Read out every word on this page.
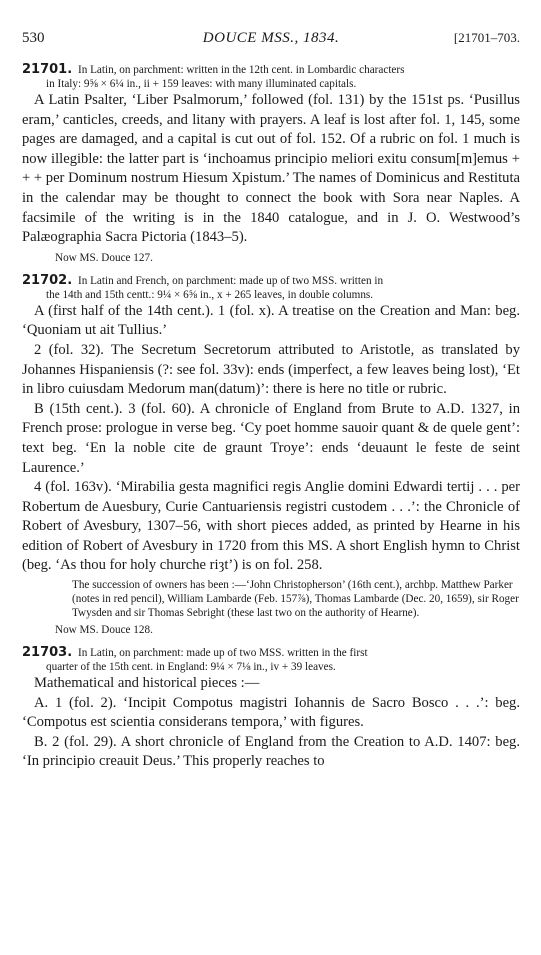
530	DOUCE MSS., 1834.	[21701–703.
21701. In Latin, on parchment: written in the 12th cent. in Lombardic characters
in Italy: 9⅝ × 6¼ in., ii + 159 leaves: with many illuminated capitals.

A Latin Psalter, ‘Liber Psalmorum,’ followed (fol. 131) by the 151st ps. ‘Pusillus eram,’ canticles, creeds, and litany with prayers. A leaf is lost after fol. 1, 145, some pages are damaged, and a capital is cut out of fol. 152. Of a rubric on fol. 1 much is now illegible: the latter part is ‘inchoamus principio meliori exitu consum[m]emus + + + per Dominum nostrum Hiesum Xpistum.’ The names of Dominicus and Restituta in the calendar may be thought to connect the book with Sora near Naples. A facsimile of the writing is in the 1840 catalogue, and in J. O. Westwood’s Palæographia Sacra Pictoria (1843–5).

Now MS. Douce 127.
21702. In Latin and French, on parchment: made up of two MSS. written in
the 14th and 15th centt.: 9¼ × 6⅝ in., x + 265 leaves, in double columns.

A (first half of the 14th cent.). 1 (fol. x). A treatise on the Creation and Man: beg. ‘Quoniam ut ait Tullius.’

2 (fol. 32). The Secretum Secretorum attributed to Aristotle, as translated by Johannes Hispaniensis (?: see fol. 33v): ends (imperfect, a few leaves being lost), ‘Et in libro cuiusdam Medorum man(datum)’: there is here no title or rubric.

B (15th cent.). 3 (fol. 60). A chronicle of England from Brute to A.D. 1327, in French prose: prologue in verse beg. ‘Cy poet homme sauoir quant & de quele gent’: text beg. ‘En la noble cite de graunt Troye’: ends ‘deuaunt le feste de seint Laurence.’

4 (fol. 163v). ‘Mirabilia gesta magnifici regis Anglie domini Edwardi tertij . . . per Robertum de Auesbury, Curie Cantuariensis registri custodem . . .’: the Chronicle of Robert of Avesbury, 1307–56, with short pieces added, as printed by Hearne in his edition of Robert of Avesbury in 1720 from this MS. A short English hymn to Christ (beg. ‘As thou for holy churche riȝt’) is on fol. 258.

The succession of owners has been :—‘John Christopherson’ (16th cent.), archbp. Matthew Parker (notes in red pencil), William Lambarde (Feb. 157⅞), Thomas Lambarde (Dec. 20, 1659), sir Roger Twysden and sir Thomas Sebright (these last two on the authority of Hearne).
Now MS. Douce 128.
21703. In Latin, on parchment: made up of two MSS. written in the first
quarter of the 15th cent. in England: 9¼ × 7⅛ in., iv + 39 leaves.

Mathematical and historical pieces :—

A. 1 (fol. 2). ‘Incipit Compotus magistri Iohannis de Sacro Bosco . . .’: beg. ‘Compotus est scientia considerans tempora,’ with figures.

B. 2 (fol. 29). A short chronicle of England from the Creation to A.D. 1407: beg. ‘In principio creauit Deus.’ This properly reaches to
